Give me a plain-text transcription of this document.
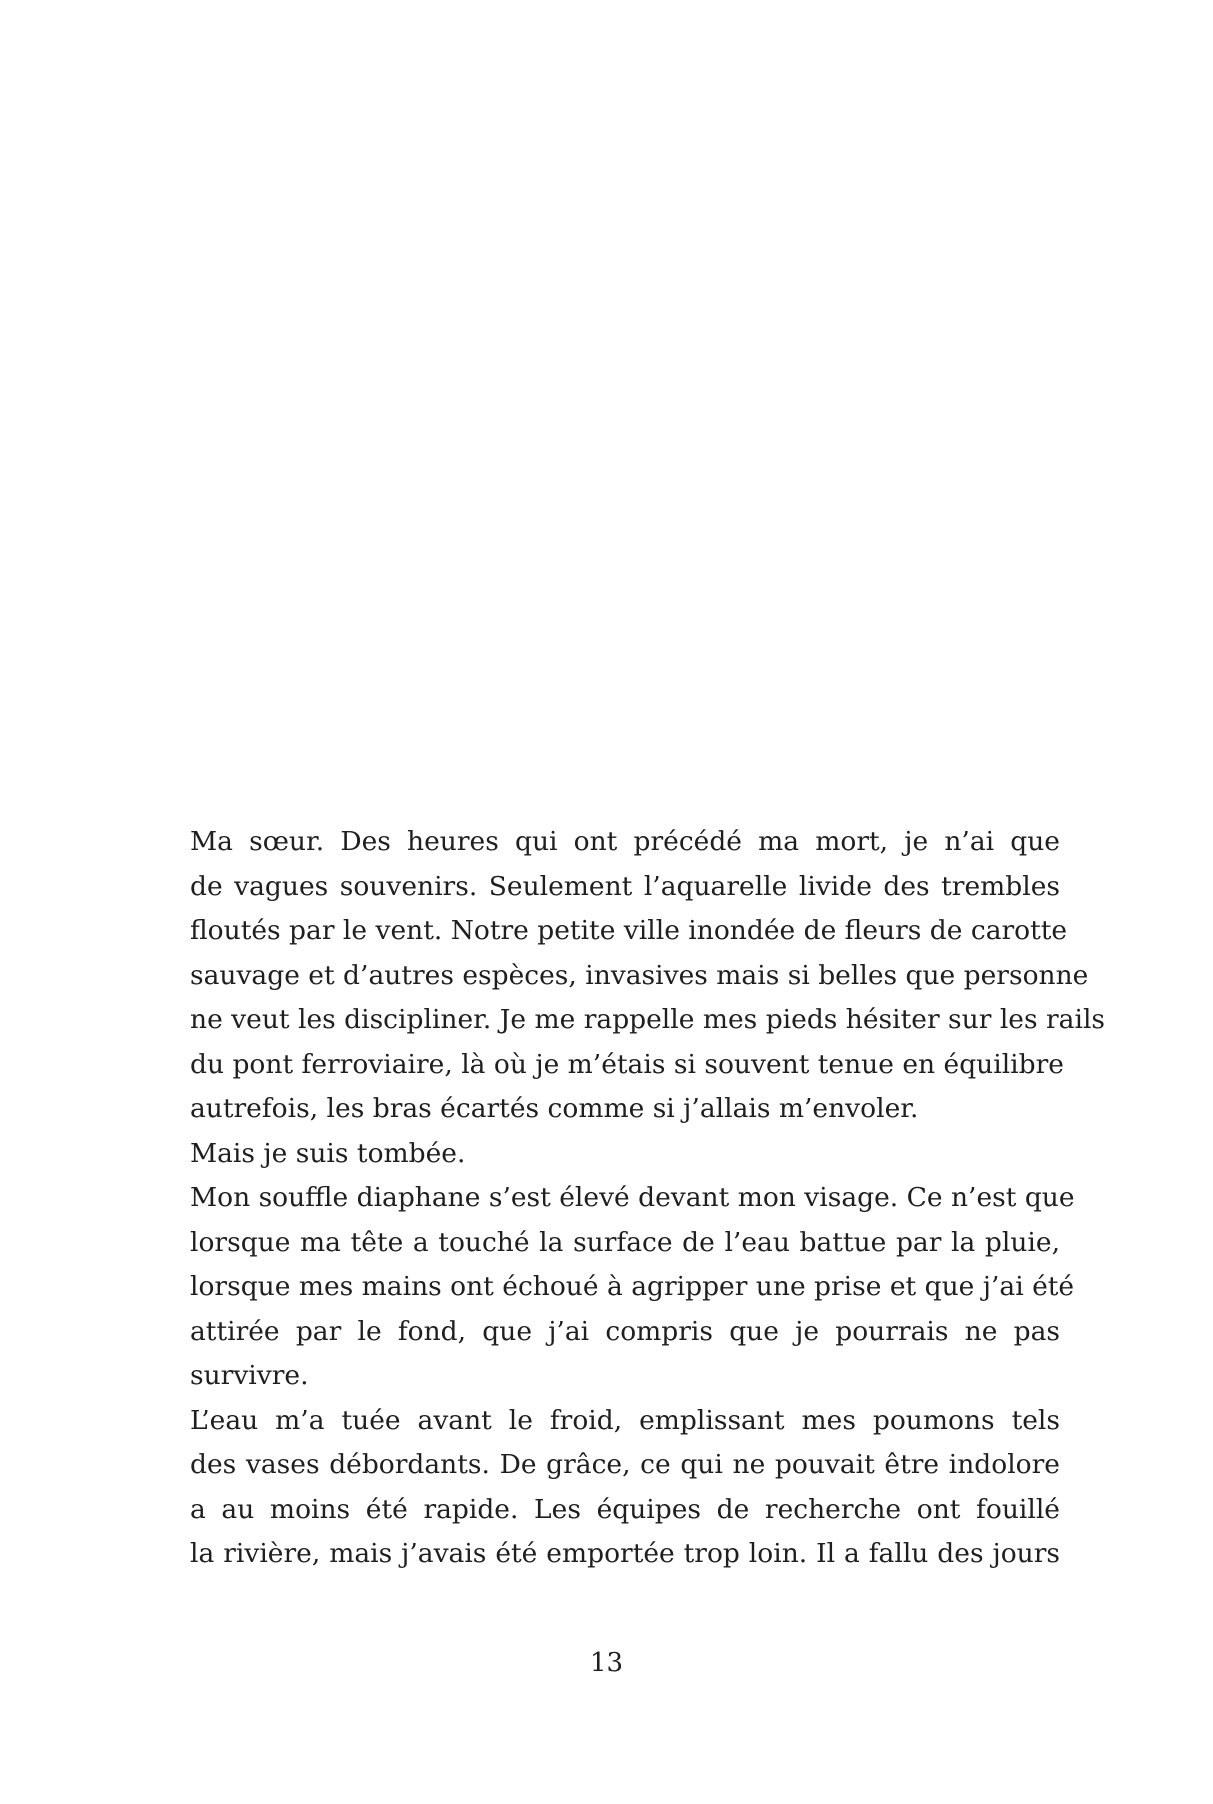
Ma sœur. Des heures qui ont précédé ma mort, je n’ai que
de vagues souvenirs. Seulement l’aquarelle livide des trembles
floutés par le vent. Notre petite ville inondée de fleurs de carotte
sauvage et d’autres espèces, invasives mais si belles que personne
ne veut les discipliner. Je me rappelle mes pieds hésiter sur les rails
du pont ferroviaire, là où je m’étais si souvent tenue en équilibre
autrefois, les bras écartés comme si j’allais m’envoler.
Mais je suis tombée.
Mon souffle diaphane s’est élevé devant mon visage. Ce n’est que
lorsque ma tête a touché la surface de l’eau battue par la pluie,
lorsque mes mains ont échoué à agripper une prise et que j’ai été
attirée par le fond, que j’ai compris que je pourrais ne pas
survivre.
L’eau m’a tuée avant le froid, emplissant mes poumons tels
des vases débordants. De grâce, ce qui ne pouvait être indolore
a au moins été rapide. Les équipes de recherche ont fouillé
la rivière, mais j’avais été emportée trop loin. Il a fallu des jours
13
